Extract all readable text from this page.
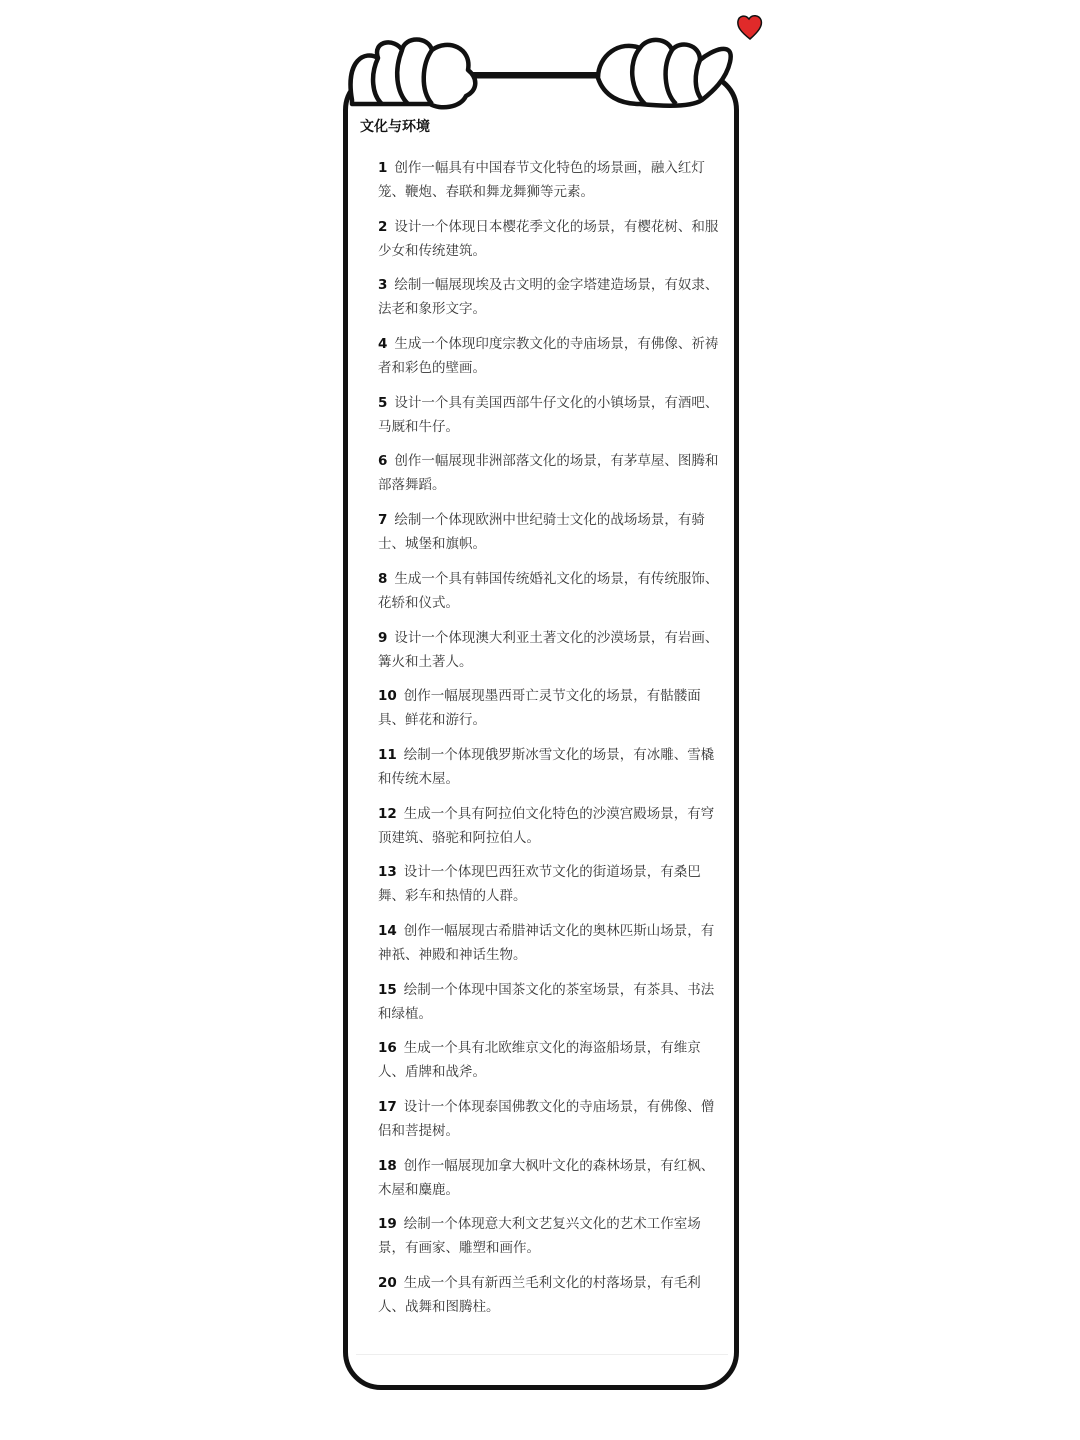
文化与环境
1 创作一幅具有中国春节文化特色的场景画，融入红灯笼、鞭炮、春联和舞龙舞狮等元素。
2 设计一个体现日本樱花季文化的场景，有樱花树、和服少女和传统建筑。
3 绘制一幅展现埃及古文明的金字塔建造场景，有奴隶、法老和象形文字。
4 生成一个体现印度宗教文化的寺庙场景，有佛像、祈祷者和彩色的壁画。
5 设计一个具有美国西部牛仔文化的小镇场景，有酒吧、马厩和牛仔。
6 创作一幅展现非洲部落文化的场景，有茅草屋、图腾和部落舞蹈。
7 绘制一个体现欧洲中世纪骑士文化的战场场景，有骑士、城堡和旗帜。
8 生成一个具有韩国传统婚礼文化的场景，有传统服饰、花轿和仪式。
9 设计一个体现澳大利亚土著文化的沙漠场景，有岩画、篝火和土著人。
10 创作一幅展现墨西哥亡灵节文化的场景，有骷髅面具、鲜花和游行。
11 绘制一个体现俄罗斯冰雪文化的场景，有冰雕、雪橇和传统木屋。
12 生成一个具有阿拉伯文化特色的沙漠宫殿场景，有穹顶建筑、骆驼和阿拉伯人。
13 设计一个体现巴西狂欢节文化的街道场景，有桑巴舞、彩车和热情的人群。
14 创作一幅展现古希腊神话文化的奥林匹斯山场景，有神祇、神殿和神话生物。
15 绘制一个体现中国茶文化的茶室场景，有茶具、书法和绿植。
16 生成一个具有北欧维京文化的海盗船场景，有维京人、盾牌和战斧。
17 设计一个体现泰国佛教文化的寺庙场景，有佛像、僧侣和菩提树。
18 创作一幅展现加拿大枫叶文化的森林场景，有红枫、木屋和麋鹿。
19 绘制一个体现意大利文艺复兴文化的艺术工作室场景，有画家、雕塑和画作。
20 生成一个具有新西兰毛利文化的村落场景，有毛利人、战舞和图腾柱。
